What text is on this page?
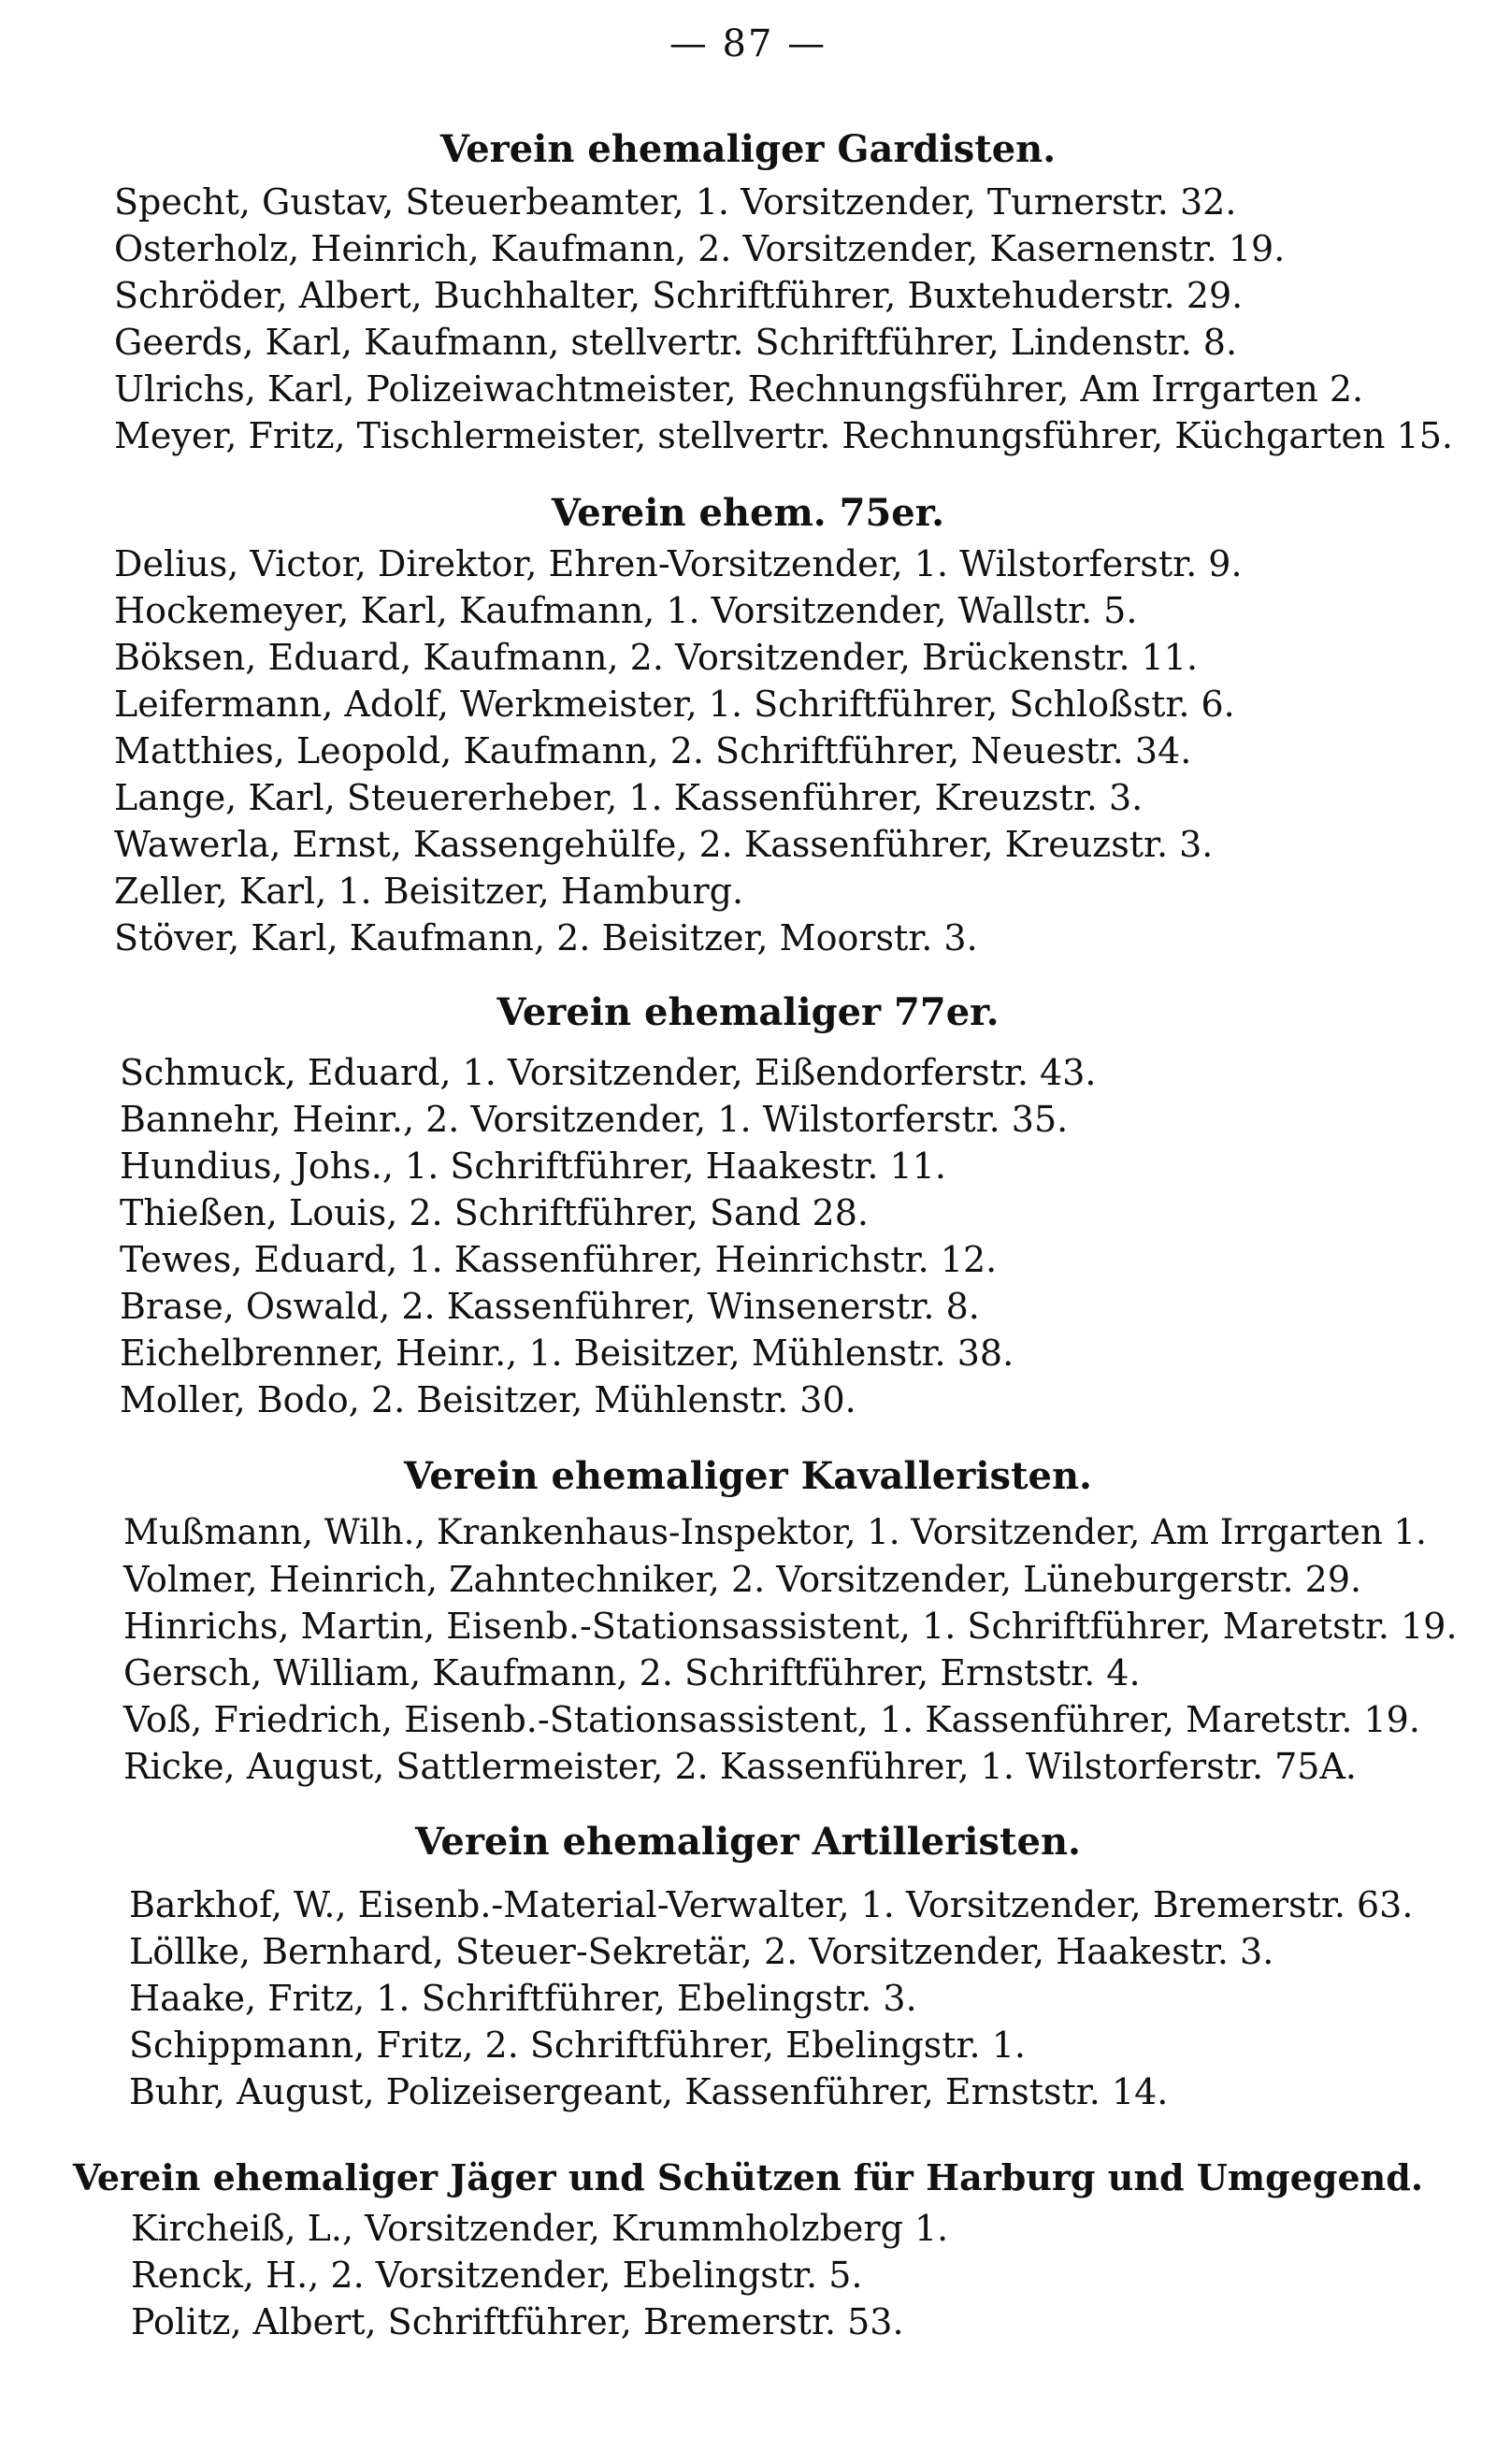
— 87 —
Verein ehemaliger Gardisten.
Specht, Gustav, Steuerbeamter, 1. Vorsitzender, Turnerstr. 32.
Osterholz, Heinrich, Kaufmann, 2. Vorsitzender, Kasernenstr. 19.
Schröder, Albert, Buchhalter, Schriftführer, Buxtehuderstr. 29.
Geerds, Karl, Kaufmann, stellvertr. Schriftführer, Lindenstr. 8.
Ulrichs, Karl, Polizeiwachtmeister, Rechnungsführer, Am Irrgarten 2.
Meyer, Fritz, Tischlermeister, stellvertr. Rechnungsführer, Küchgarten 15.
Verein ehem. 75er.
Delius, Victor, Direktor, Ehren-Vorsitzender, 1. Wilstorferstr. 9.
Hockemeyer, Karl, Kaufmann, 1. Vorsitzender, Wallstr. 5.
Böksen, Eduard, Kaufmann, 2. Vorsitzender, Brückenstr. 11.
Leifermann, Adolf, Werkmeister, 1. Schriftführer, Schloßstr. 6.
Matthies, Leopold, Kaufmann, 2. Schriftführer, Neuestr. 34.
Lange, Karl, Steuererheber, 1. Kassenführer, Kreuzstr. 3.
Wawerla, Ernst, Kassengehülfe, 2. Kassenführer, Kreuzstr. 3.
Zeller, Karl, 1. Beisitzer, Hamburg.
Stöver, Karl, Kaufmann, 2. Beisitzer, Moorstr. 3.
Verein ehemaliger 77er.
Schmuck, Eduard, 1. Vorsitzender, Eißendorferstr. 43.
Bannehr, Heinr., 2. Vorsitzender, 1. Wilstorferstr. 35.
Hundius, Johs., 1. Schriftführer, Haakestr. 11.
Thießen, Louis, 2. Schriftführer, Sand 28.
Tewes, Eduard, 1. Kassenführer, Heinrichstr. 12.
Brase, Oswald, 2. Kassenführer, Winsenerstr. 8.
Eichelbrenner, Heinr., 1. Beisitzer, Mühlenstr. 38.
Moller, Bodo, 2. Beisitzer, Mühlenstr. 30.
Verein ehemaliger Kavalleristen.
Mußmann, Wilh., Krankenhaus-Inspektor, 1. Vorsitzender, Am Irrgarten 1.
Volmer, Heinrich, Zahntechniker, 2. Vorsitzender, Lüneburgerstr. 29.
Hinrichs, Martin, Eisenb.-Stationsassistent, 1. Schriftführer, Maretstr. 19.
Gersch, William, Kaufmann, 2. Schriftführer, Ernststr. 4.
Voß, Friedrich, Eisenb.-Stationsassistent, 1. Kassenführer, Maretstr. 19.
Ricke, August, Sattlermeister, 2. Kassenführer, 1. Wilstorferstr. 75A.
Verein ehemaliger Artilleristen.
Barkhof, W., Eisenb.-Material-Verwalter, 1. Vorsitzender, Bremerstr. 63.
Löllke, Bernhard, Steuer-Sekretär, 2. Vorsitzender, Haakestr. 3.
Haake, Fritz, 1. Schriftführer, Ebelingstr. 3.
Schippmann, Fritz, 2. Schriftführer, Ebelingstr. 1.
Buhr, August, Polizeisergeant, Kassenführer, Ernststr. 14.
Verein ehemaliger Jäger und Schützen für Harburg und Umgegend.
Kircheiß, L., Vorsitzender, Krummholzberg 1.
Renck, H., 2. Vorsitzender, Ebelingstr. 5.
Politz, Albert, Schriftführer, Bremerstr. 53.
